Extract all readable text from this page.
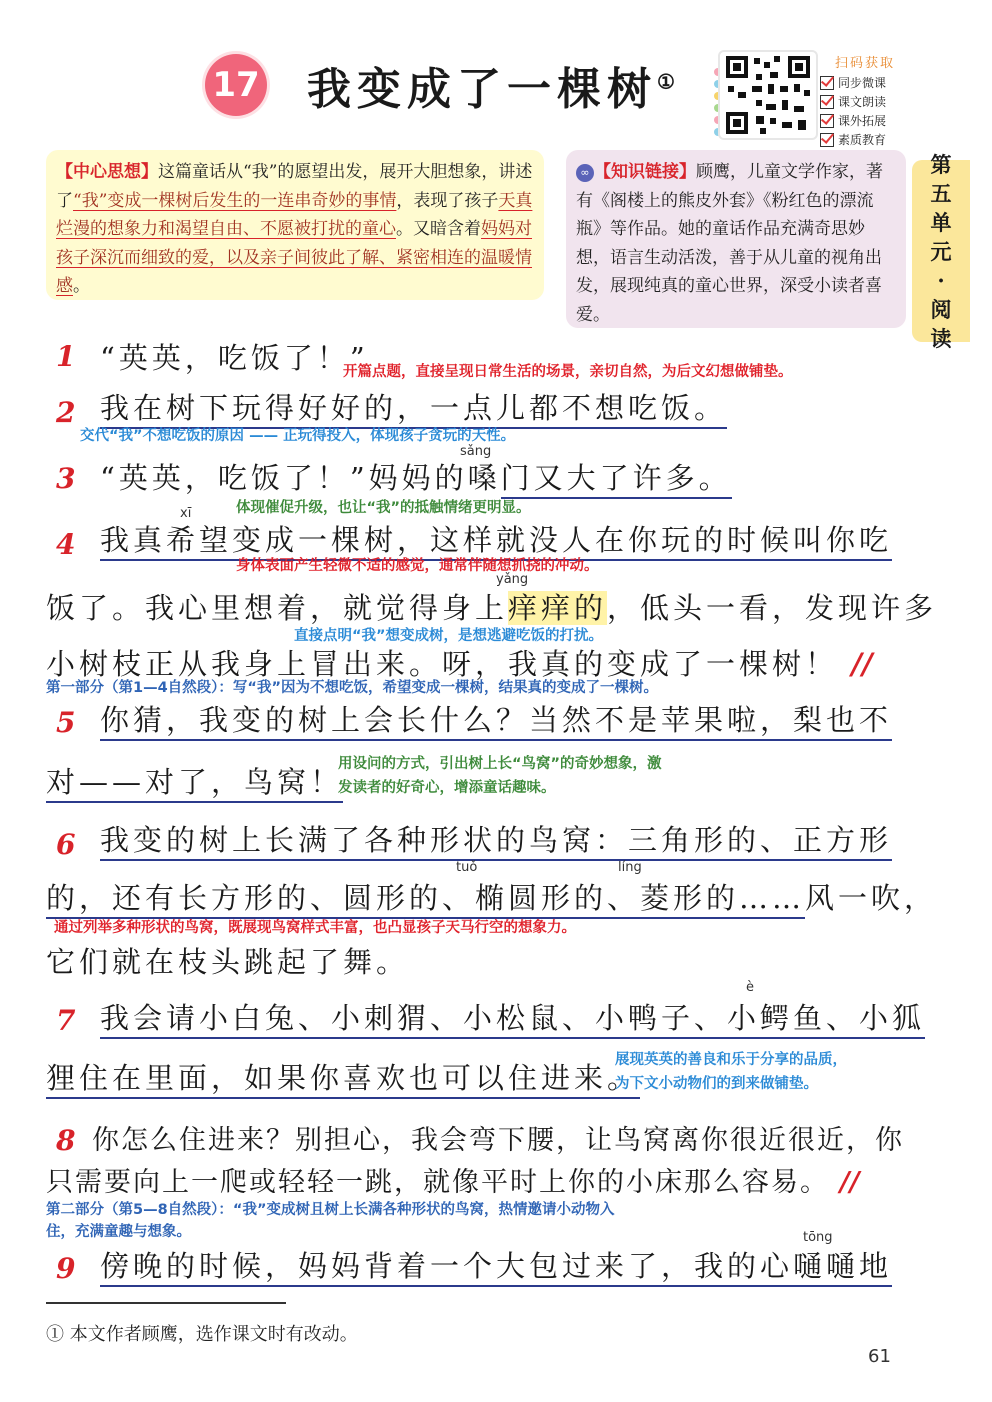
17 我变成了一棵树①
扫码获取
同步微课
课文朗读
课外拓展
素质教育
【中心思想】这篇童话从“我”的愿望出发，展开大胆想象，讲述了“我”变成一棵树后发生的一连串奇妙的事情，表现了孩子天真烂漫的想象力和渴望自由、不愿被打扰的童心。又暗含着妈妈对孩子深沉而细致的爱，以及亲子间彼此了解、紧密相连的温暖情感。
∞ 【知识链接】顾鹰，儿童文学作家，著有《阁楼上的熊皮外套》《粉红色的漂流瓶》等作品。她的童话作品充满奇思妙想，语言生动活泼，善于从儿童的视角出发，展现纯真的童心世界，深受小读者喜爱。
第
五
单
元
·
阅
读
1 “英英，吃饭了！”
开篇点题，直接呈现日常生活的场景，亲切自然，为后文幻想做铺垫。
2 我在树下玩得好好的，一点儿都不想吃饭。
交代“我”不想吃饭的原因 —— 正玩得投入，体现孩子贪玩的天性。
3
sǎng
“英英，吃饭了！”妈妈的嗓门又大了许多。
体现催促升级，也让“我”的抵触情绪更明显。
4
xī
我真希望变成一棵树，这样就没人在你玩的时候叫你吃
身体表面产生轻微不适的感觉，通常伴随想抓挠的冲动。
yǎng
饭了。我心里想着，就觉得身上痒痒的，低头一看，发现许多
直接点明“我”想变成树，是想逃避吃饭的打扰。
小树枝正从我身上冒出来。呀，我真的变成了一棵树！ //
第一部分（第1—4自然段）：写“我”因为不想吃饭，希望变成一棵树，结果真的变成了一棵树。
5 你猜，我变的树上会长什么？当然不是苹果啦，梨也不
对——对了，鸟窝！
用设问的方式，引出树上长“鸟窝”的奇妙想象，激
发读者的好奇心，增添童话趣味。
6 我变的树上长满了各种形状的鸟窝：三角形的、正方形
tuǒ	líng
的，还有长方形的、圆形的、椭圆形的、菱形的……风一吹，
通过列举多种形状的鸟窝，既展现鸟窝样式丰富，也凸显孩子天马行空的想象力。
它们就在枝头跳起了舞。
7
è
我会请小白兔、小刺猬、小松鼠、小鸭子、小鳄鱼、小狐
狸住在里面，如果你喜欢也可以住进来。
展现英英的善良和乐于分享的品质，
为下文小动物们的到来做铺垫。
8 你怎么住进来？别担心，我会弯下腰，让鸟窝离你很近很近，你
只需要向上一爬或轻轻一跳，就像平时上你的小床那么容易。 //
第二部分（第5—8自然段）：“我”变成树且树上长满各种形状的鸟窝，热情邀请小动物入
住，充满童趣与想象。
9
tōng
傍晚的时候，妈妈背着一个大包过来了，我的心嗵嗵地
① 本文作者顾鹰，选作课文时有改动。
61
